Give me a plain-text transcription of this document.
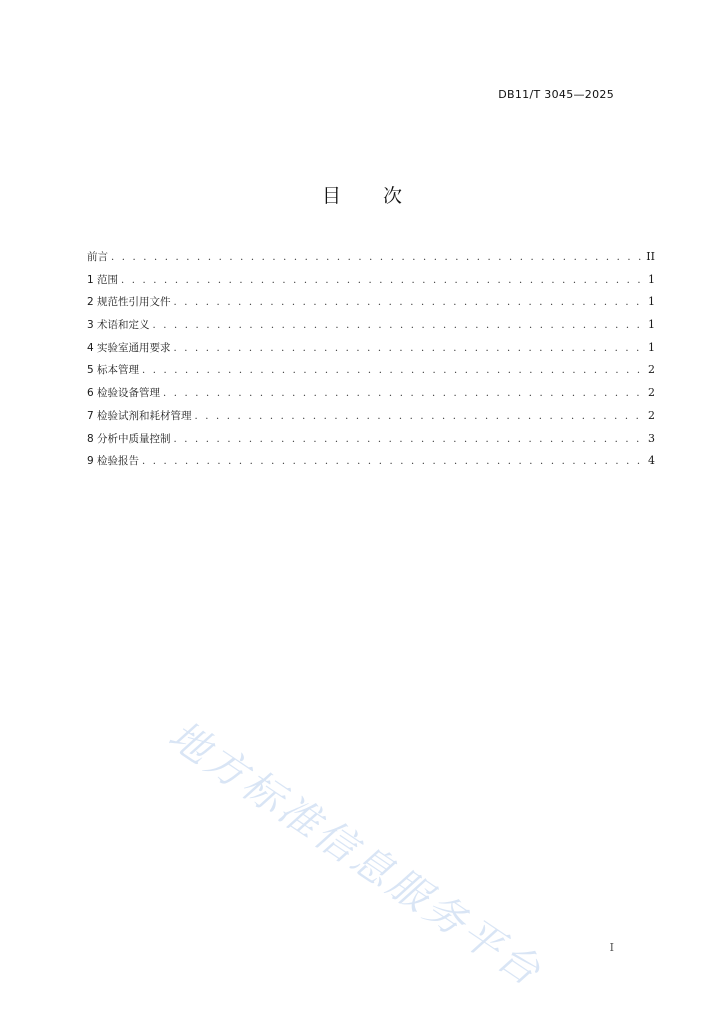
DB11/T 3045—2025
目 次
前言 . . .	II
1 范围 . . .	1
2 规范性引用文件 . . .	1
3 术语和定义 . . .	1
4 实验室通用要求 . . .	1
5 标本管理 . . .	2
6 检验设备管理 . . .	2
7 检验试剂和耗材管理 . . .	2
8 分析中质量控制 . . .	3
9 检验报告 . . .	4
地方标准信息服务平台	I
